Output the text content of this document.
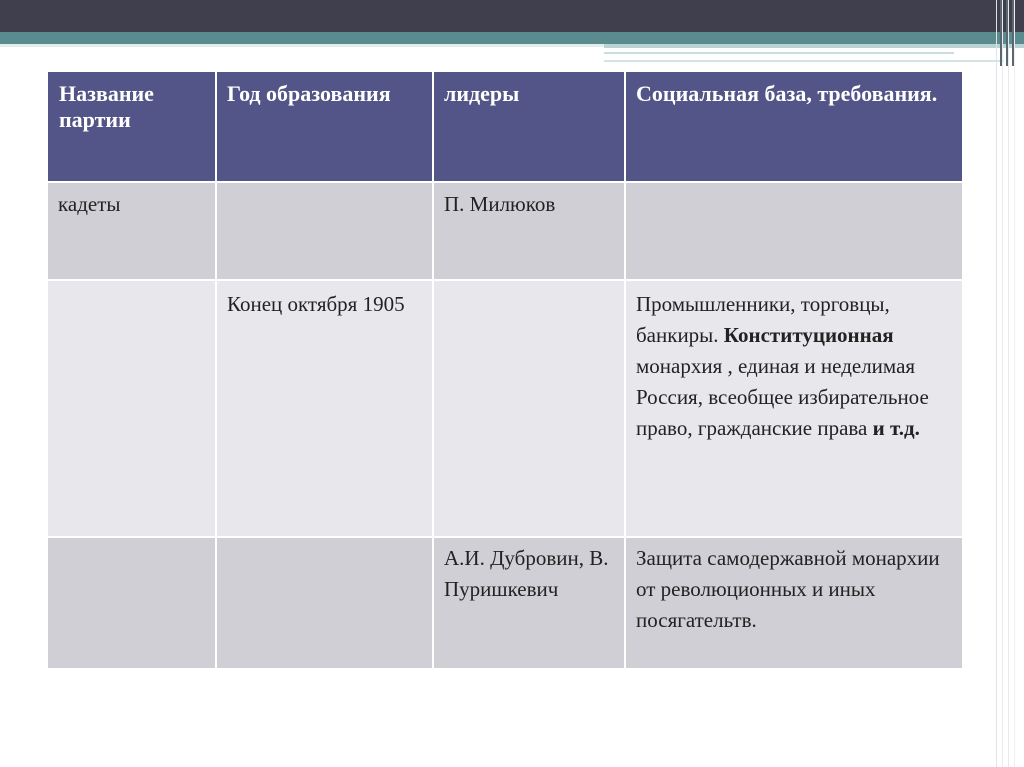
Название партии	Год образования	лидеры	Социальная база, требования.
кадеты		П. Милюков	
	Конец октября 1905		Промышленники, торговцы, банкиры. Конституционная монархия , единая и неделимая Россия, всеобщее избирательное право, гражданские права и т.д.
		А.И. Дубровин, В. Пуришкевич	Защита самодержавной монархии от революционных и иных посягательтв.
